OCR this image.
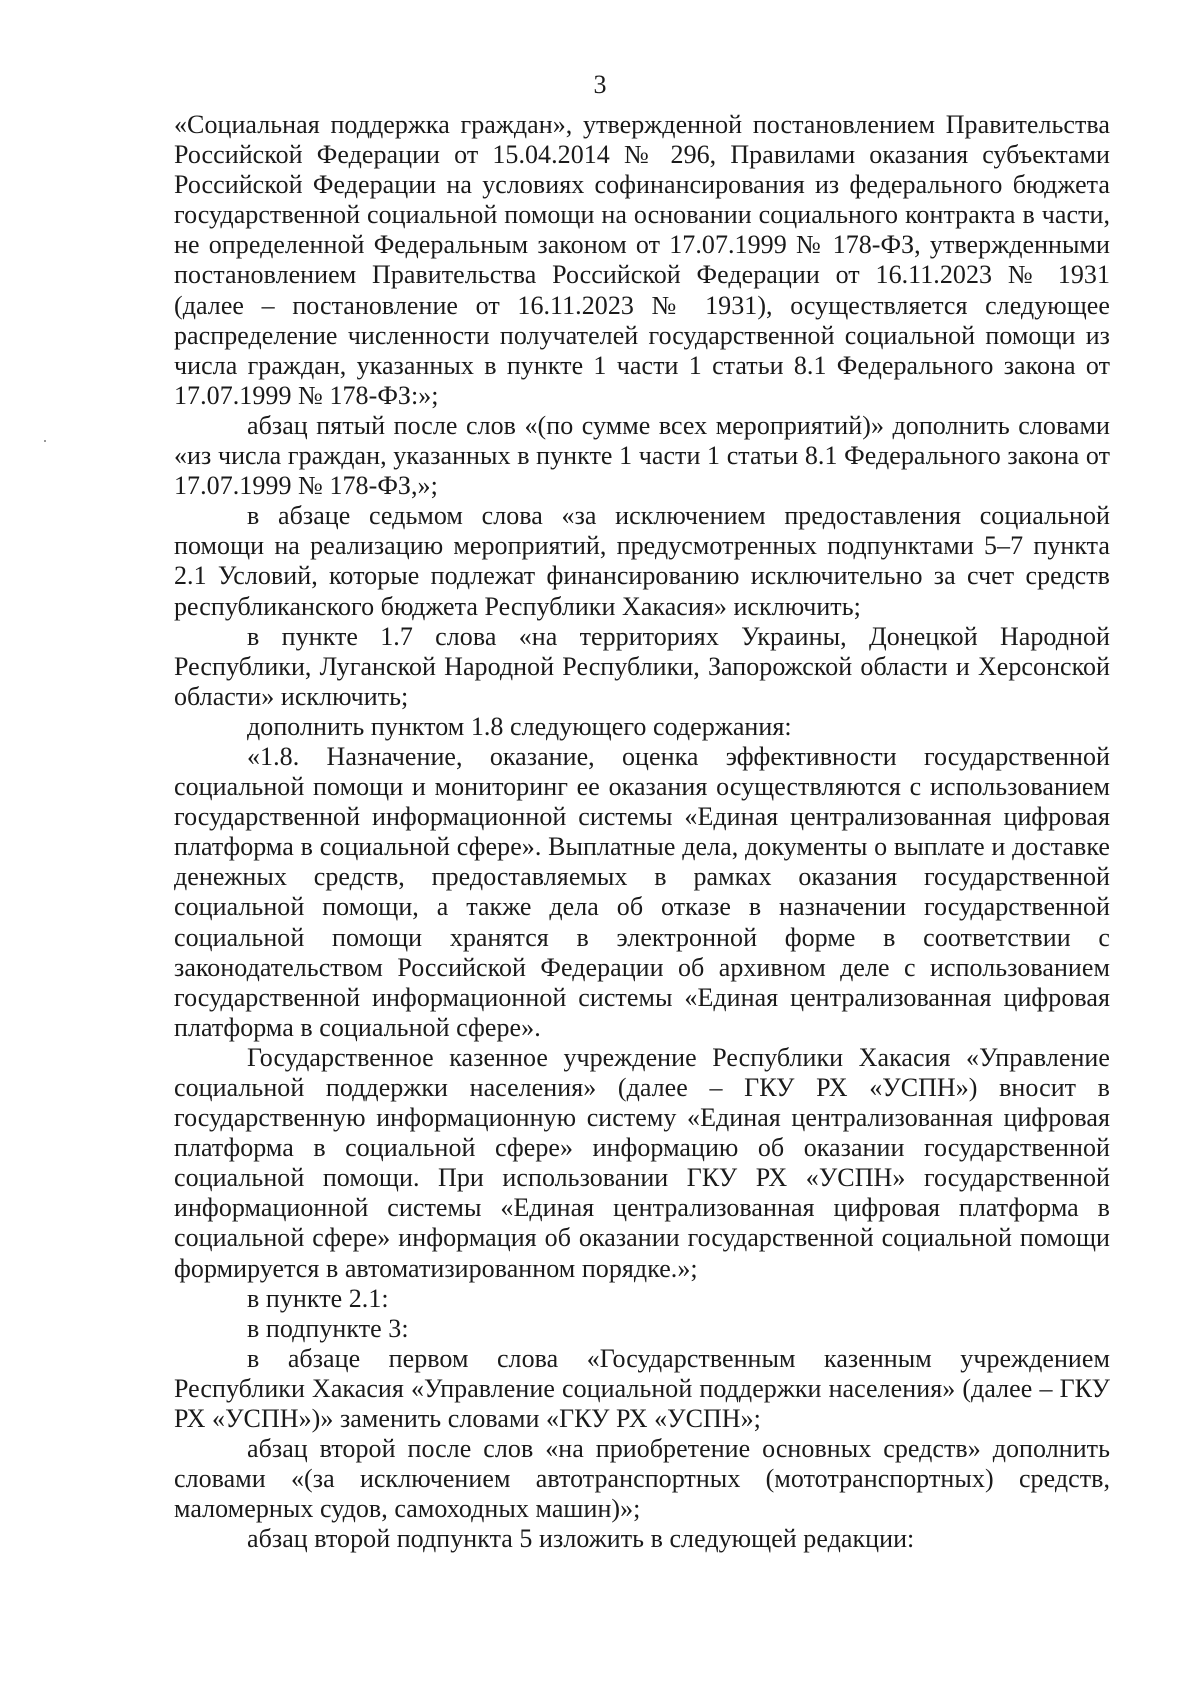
3

«Социальная поддержка граждан», утвержденной постановлением Правительства Российской Федерации от 15.04.2014 № 296, Правилами оказания субъектами Российской Федерации на условиях софинансирования из федерального бюджета государственной социальной помощи на основании социального контракта в части, не определенной Федеральным законом от 17.07.1999 № 178-ФЗ, утвержденными постановлением Правительства Российской Федерации от 16.11.2023 № 1931 (далее – постановление от 16.11.2023 № 1931), осуществляется следующее распределение численности получателей государственной социальной помощи из числа граждан, указанных в пункте 1 части 1 статьи 8.1 Федерального закона от 17.07.1999 № 178-ФЗ:»;

абзац пятый после слов «(по сумме всех мероприятий)» дополнить словами «из числа граждан, указанных в пункте 1 части 1 статьи 8.1 Федерального закона от 17.07.1999 № 178-ФЗ,»;

в абзаце седьмом слова «за исключением предоставления социальной помощи на реализацию мероприятий, предусмотренных подпунктами 5–7 пункта 2.1 Условий, которые подлежат финансированию исключительно за счет средств республиканского бюджета Республики Хакасия» исключить;

в пункте 1.7 слова «на территориях Украины, Донецкой Народной Республики, Луганской Народной Республики, Запорожской области и Херсонской области» исключить;

дополнить пунктом 1.8 следующего содержания:

«1.8. Назначение, оказание, оценка эффективности государственной социальной помощи и мониторинг ее оказания осуществляются с использованием государственной информационной системы «Единая централизованная цифровая платформа в социальной сфере». Выплатные дела, документы о выплате и доставке денежных средств, предоставляемых в рамках оказания государственной социальной помощи, а также дела об отказе в назначении государственной социальной помощи хранятся в электронной форме в соответствии с законодательством Российской Федерации об архивном деле с использованием государственной информационной системы «Единая централизованная цифровая платформа в социальной сфере».

Государственное казенное учреждение Республики Хакасия «Управление социальной поддержки населения» (далее – ГКУ РХ «УСПН») вносит в государственную информационную систему «Единая централизованная цифровая платформа в социальной сфере» информацию об оказании государственной социальной помощи. При использовании ГКУ РХ «УСПН» государственной информационной системы «Единая централизованная цифровая платформа в социальной сфере» информация об оказании государственной социальной помощи формируется в автоматизированном порядке.»;

в пункте 2.1:

в подпункте 3:

в абзаце первом слова «Государственным казенным учреждением Республики Хакасия «Управление социальной поддержки населения» (далее – ГКУ РХ «УСПН»)» заменить словами «ГКУ РХ «УСПН»;

абзац второй после слов «на приобретение основных средств» дополнить словами «(за исключением автотранспортных (мототранспортных) средств, маломерных судов, самоходных машин)»;

абзац второй подпункта 5 изложить в следующей редакции:
